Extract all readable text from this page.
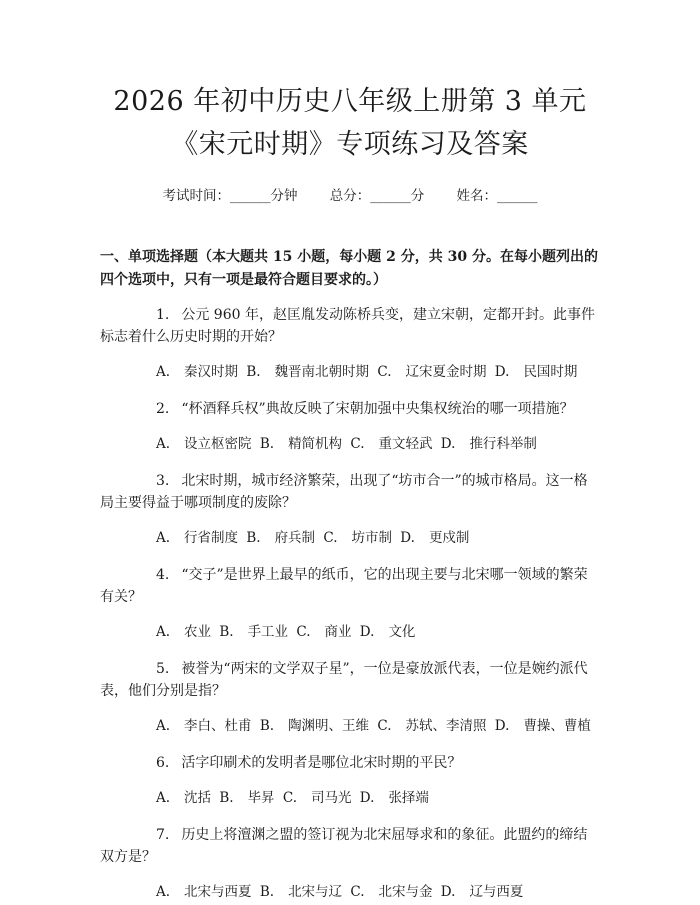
2026 年初中历史八年级上册第 3 单元《宋元时期》专项练习及答案
考试时间：______分钟 总分：______分 姓名：______
一、单项选择题（本大题共 15 小题，每小题 2 分，共 30 分。在每小题列出的四个选项中，只有一项是最符合题目要求的。）

1. 公元 960 年，赵匡胤发动陈桥兵变，建立宋朝，定都开封。此事件标志着什么历史时期的开始？

A. 秦汉时期 B. 魏晋南北朝时期 C. 辽宋夏金时期 D. 民国时期

2. “杯酒释兵权”典故反映了宋朝加强中央集权统治的哪一项措施？

A. 设立枢密院 B. 精简机构 C. 重文轻武 D. 推行科举制

3. 北宋时期，城市经济繁荣，出现了“坊市合一”的城市格局。这一格局主要得益于哪项制度的废除？

A. 行省制度 B. 府兵制 C. 坊市制 D. 更戍制

4. “交子”是世界上最早的纸币，它的出现主要与北宋哪一领域的繁荣有关？

A. 农业 B. 手工业 C. 商业 D. 文化

5. 被誉为“两宋的文学双子星”，一位是豪放派代表，一位是婉约派代表，他们分别是指？

A. 李白、杜甫 B. 陶渊明、王维 C. 苏轼、李清照 D. 曹操、曹植

6. 活字印刷术的发明者是哪位北宋时期的平民？

A. 沈括 B. 毕昇 C. 司马光 D. 张择端

7. 历史上将澶渊之盟的签订视为北宋屈辱求和的象征。此盟约的缔结双方是？

A. 北宋与西夏 B. 北宋与辽 C. 北宋与金 D. 辽与西夏
